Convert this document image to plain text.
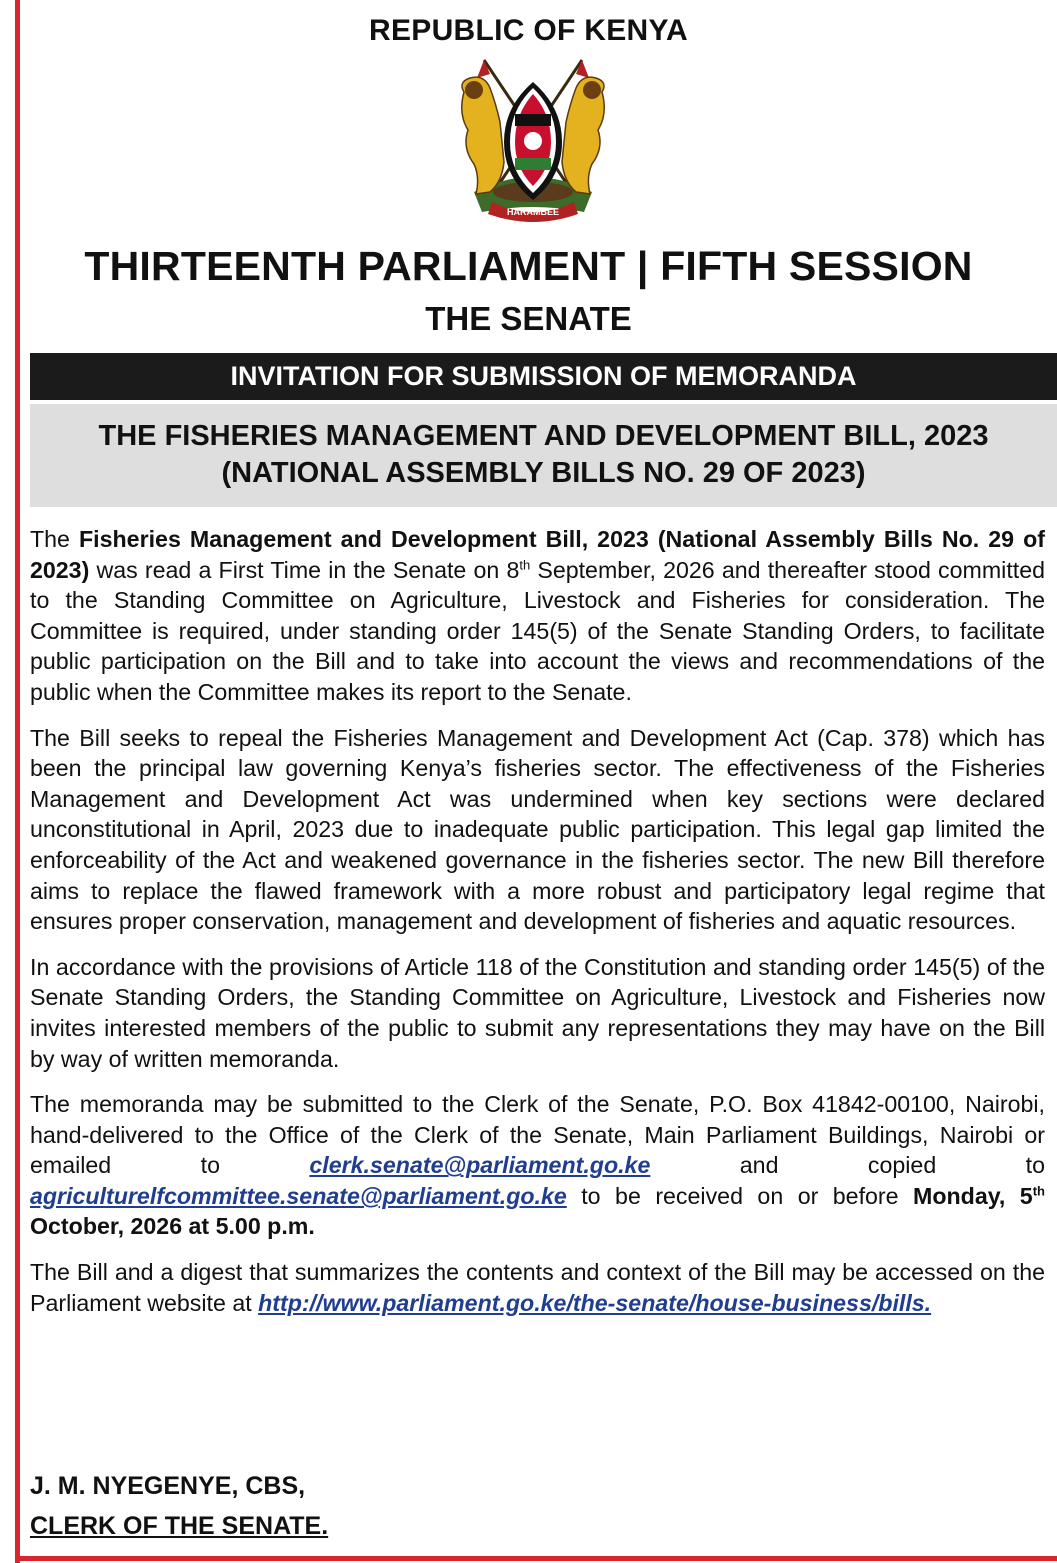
REPUBLIC OF KENYA
HARAMBEE
THIRTEENTH PARLIAMENT | FIFTH SESSION
THE SENATE
INVITATION FOR SUBMISSION OF MEMORANDA
THE FISHERIES MANAGEMENT AND DEVELOPMENT BILL, 2023
(NATIONAL ASSEMBLY BILLS NO. 29 OF 2023)

The Fisheries Management and Development Bill, 2023 (National Assembly Bills No. 29 of 2023) was read a First Time in the Senate on 8th September, 2026 and thereafter stood committed to the Standing Committee on Agriculture, Livestock and Fisheries for consideration. The Committee is required, under standing order 145(5) of the Senate Standing Orders, to facilitate public participation on the Bill and to take into account the views and recommendations of the public when the Committee makes its report to the Senate.

The Bill seeks to repeal the Fisheries Management and Development Act (Cap. 378) which has been the principal law governing Kenya’s fisheries sector. The effectiveness of the Fisheries Management and Development Act was undermined when key sections were declared unconstitutional in April, 2023 due to inadequate public participation. This legal gap limited the enforceability of the Act and weakened governance in the fisheries sector. The new Bill therefore aims to replace the flawed framework with a more robust and participatory legal regime that ensures proper conservation, management and development of fisheries and aquatic resources.

In accordance with the provisions of Article 118 of the Constitution and standing order 145(5) of the Senate Standing Orders, the Standing Committee on Agriculture, Livestock and Fisheries now invites interested members of the public to submit any representations they may have on the Bill by way of written memoranda.

The memoranda may be submitted to the Clerk of the Senate, P.O. Box 41842-00100, Nairobi, hand-delivered to the Office of the Clerk of the Senate, Main Parliament Buildings, Nairobi or emailed to clerk.senate@parliament.go.ke and copied to agriculturelfcommittee.senate@parliament.go.ke to be received on or before Monday, 5th October, 2026 at 5.00 p.m.

The Bill and a digest that summarizes the contents and context of the Bill may be accessed on the Parliament website at http://www.parliament.go.ke/the-senate/house-business/bills.

J. M. NYEGENYE, CBS,
CLERK OF THE SENATE.
